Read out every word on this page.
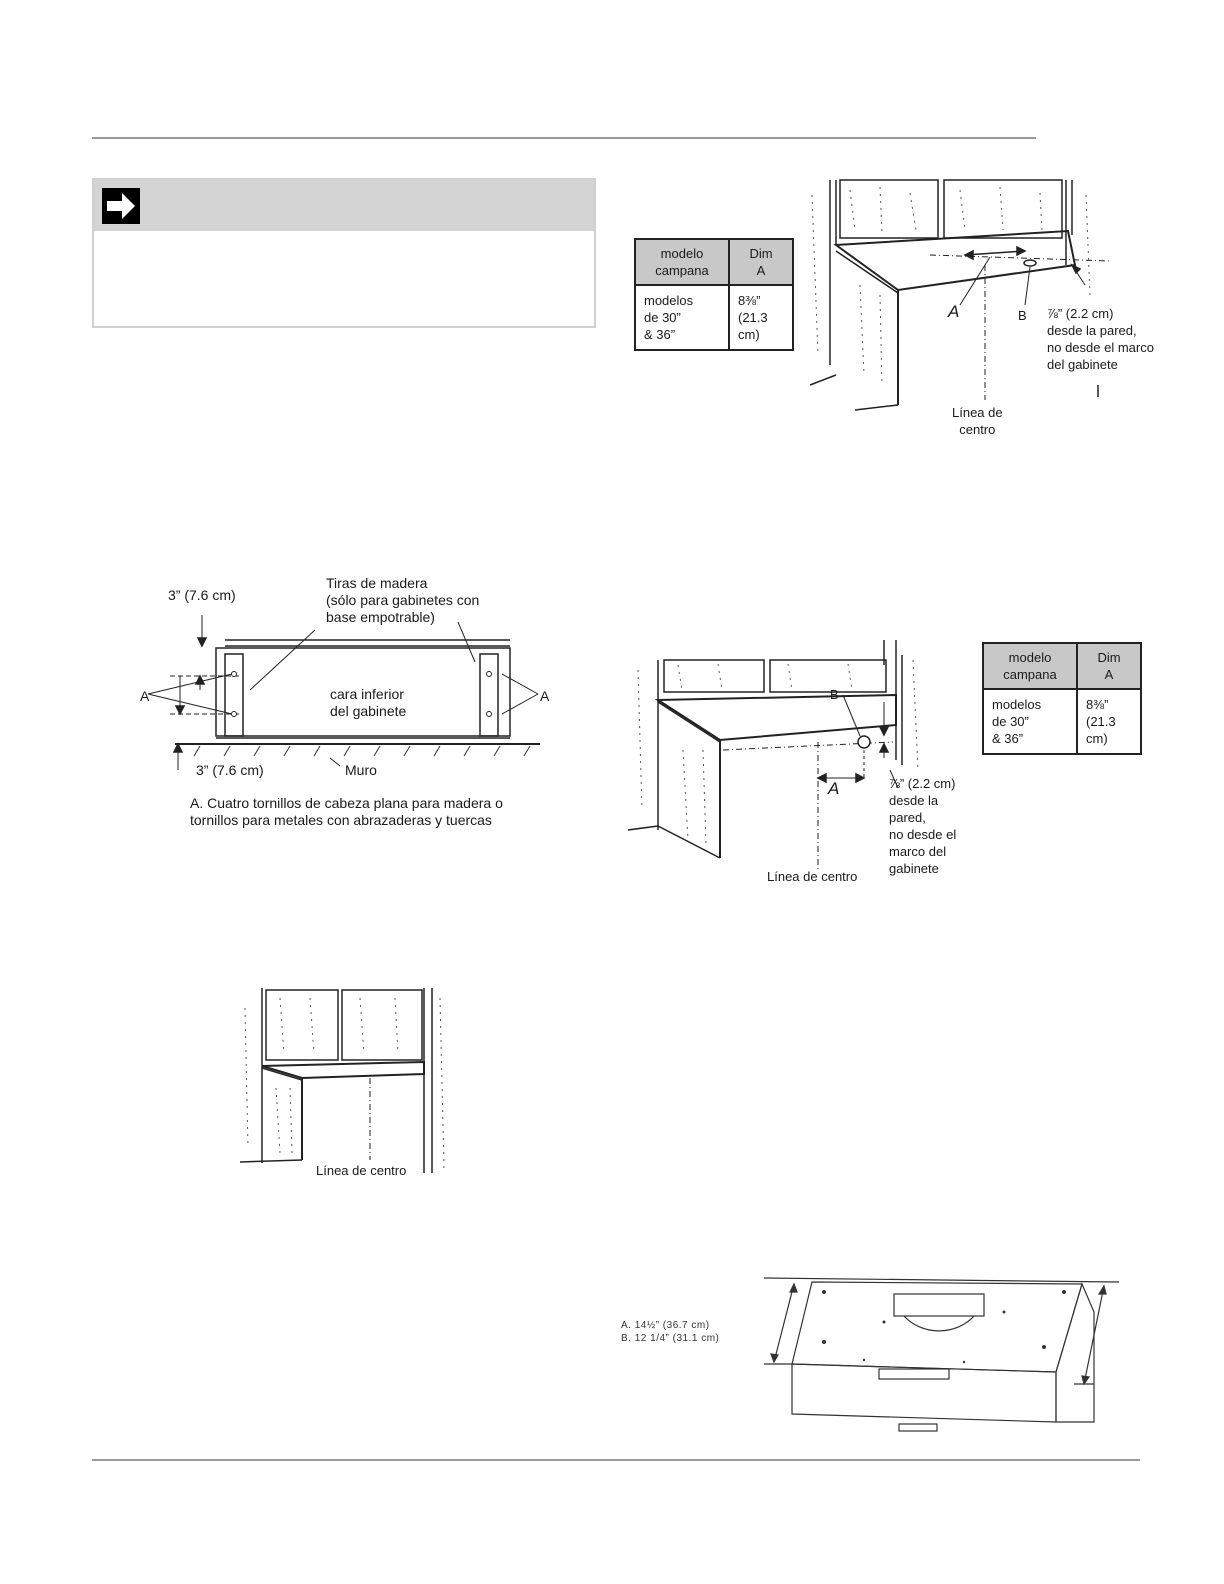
modelo
campana	Dim
A
modelos
de 30”
& 36”	8⅜”
(21.3 cm)
A	B ⅞” (2.2 cm)
desde la pared,
no desde el marco
del gabinete
Línea de
centro
3” (7.6 cm)
Tiras de madera
(sólo para gabinetes con
base empotrable)
cara inferior
del gabinete
A	A
3” (7.6 cm)	Muro
A. Cuatro tornillos de cabeza plana para madera o
tornillos para metales con abrazaderas y tuercas
B
A	⅞” (2.2 cm)
desde la
pared,
no desde el
marco del
gabinete
Línea de centro
modelo
campana	Dim
A
modelos
de 30”
& 36”	8⅜”
(21.3 cm)
Línea de centro
A. 14½” (36.7 cm)
B. 12 1/4” (31.1 cm)
